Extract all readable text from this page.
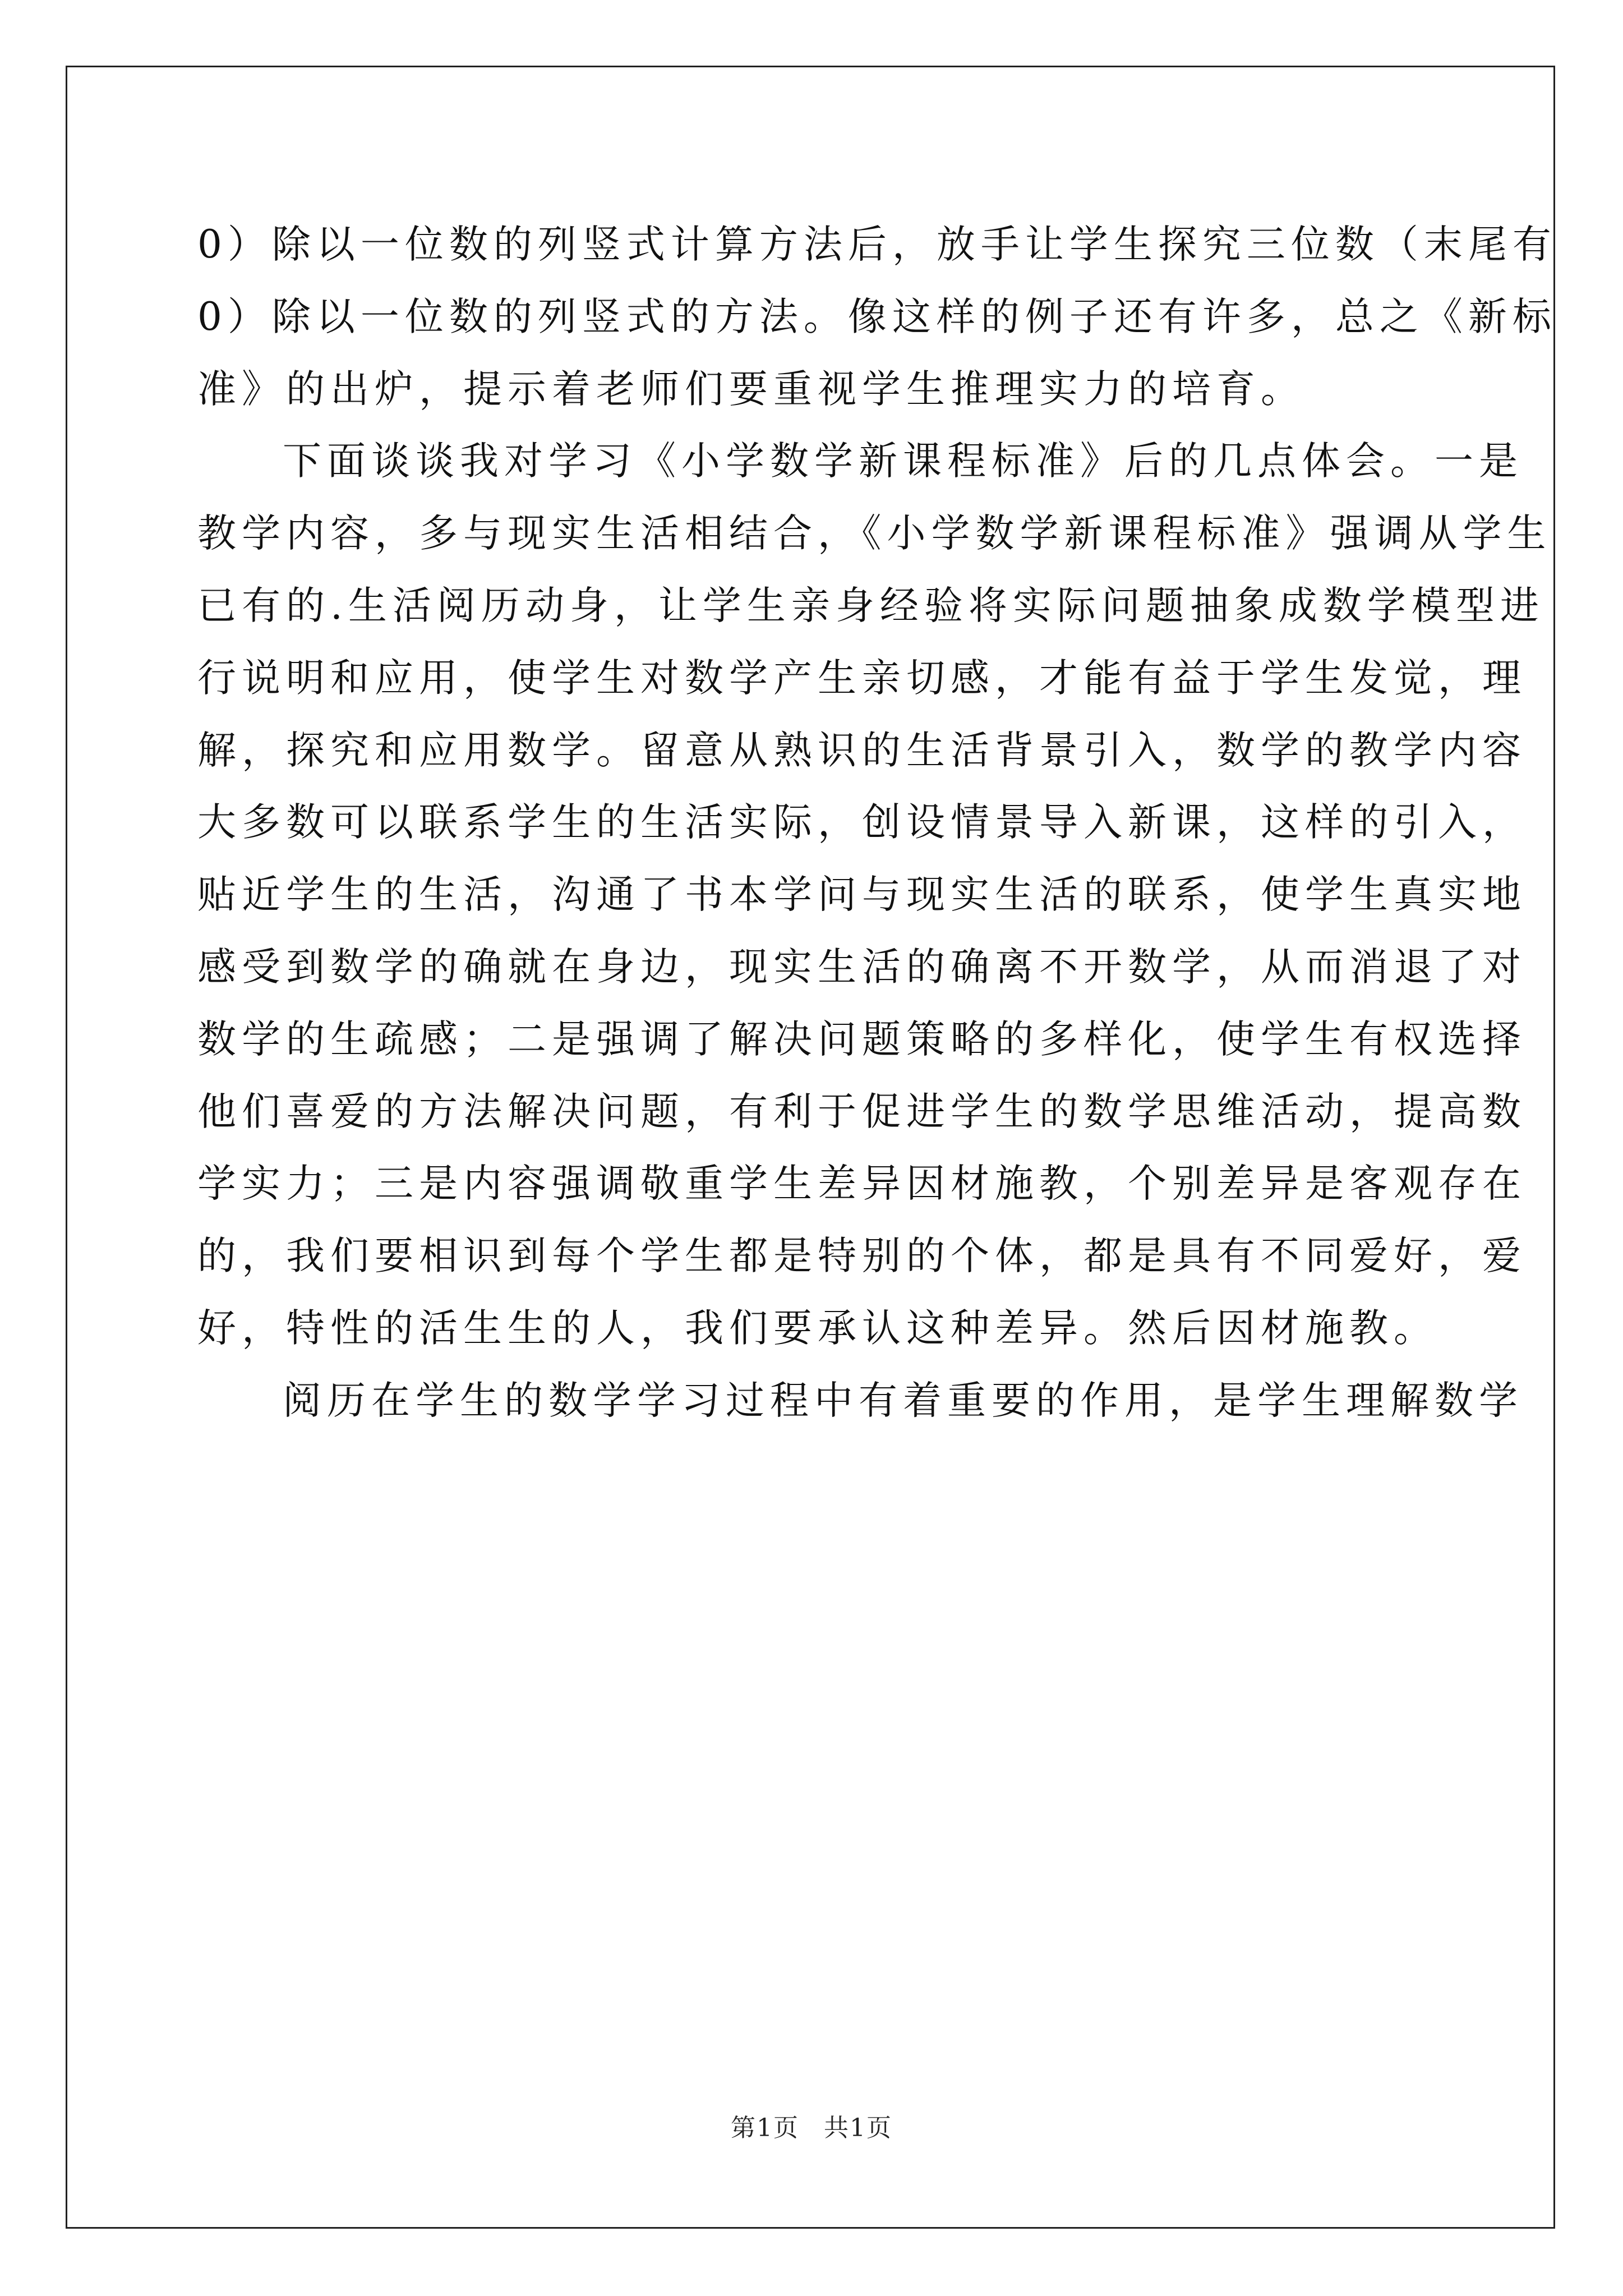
0）除以一位数的列竖式计算方法后，放手让学生探究三位数（末尾有
0）除以一位数的列竖式的方法。像这样的例子还有许多，总之《新标
准》的出炉，提示着老师们要重视学生推理实力的培育。
下面谈谈我对学习《小学数学新课程标准》后的几点体会。一是
教学内容，多与现实生活相结合，《小学数学新课程标准》强调从学生
已有的.生活阅历动身，让学生亲身经验将实际问题抽象成数学模型进
行说明和应用，使学生对数学产生亲切感，才能有益于学生发觉，理
解，探究和应用数学。留意从熟识的生活背景引入，数学的教学内容
大多数可以联系学生的生活实际，创设情景导入新课，这样的引入，
贴近学生的生活，沟通了书本学问与现实生活的联系，使学生真实地
感受到数学的确就在身边，现实生活的确离不开数学，从而消退了对
数学的生疏感；二是强调了解决问题策略的多样化，使学生有权选择
他们喜爱的方法解决问题，有利于促进学生的数学思维活动，提高数
学实力；三是内容强调敬重学生差异因材施教，个别差异是客观存在
的，我们要相识到每个学生都是特别的个体，都是具有不同爱好，爱
好，特性的活生生的人，我们要承认这种差异。然后因材施教。
阅历在学生的数学学习过程中有着重要的作用，是学生理解数学
第1页 共1页
